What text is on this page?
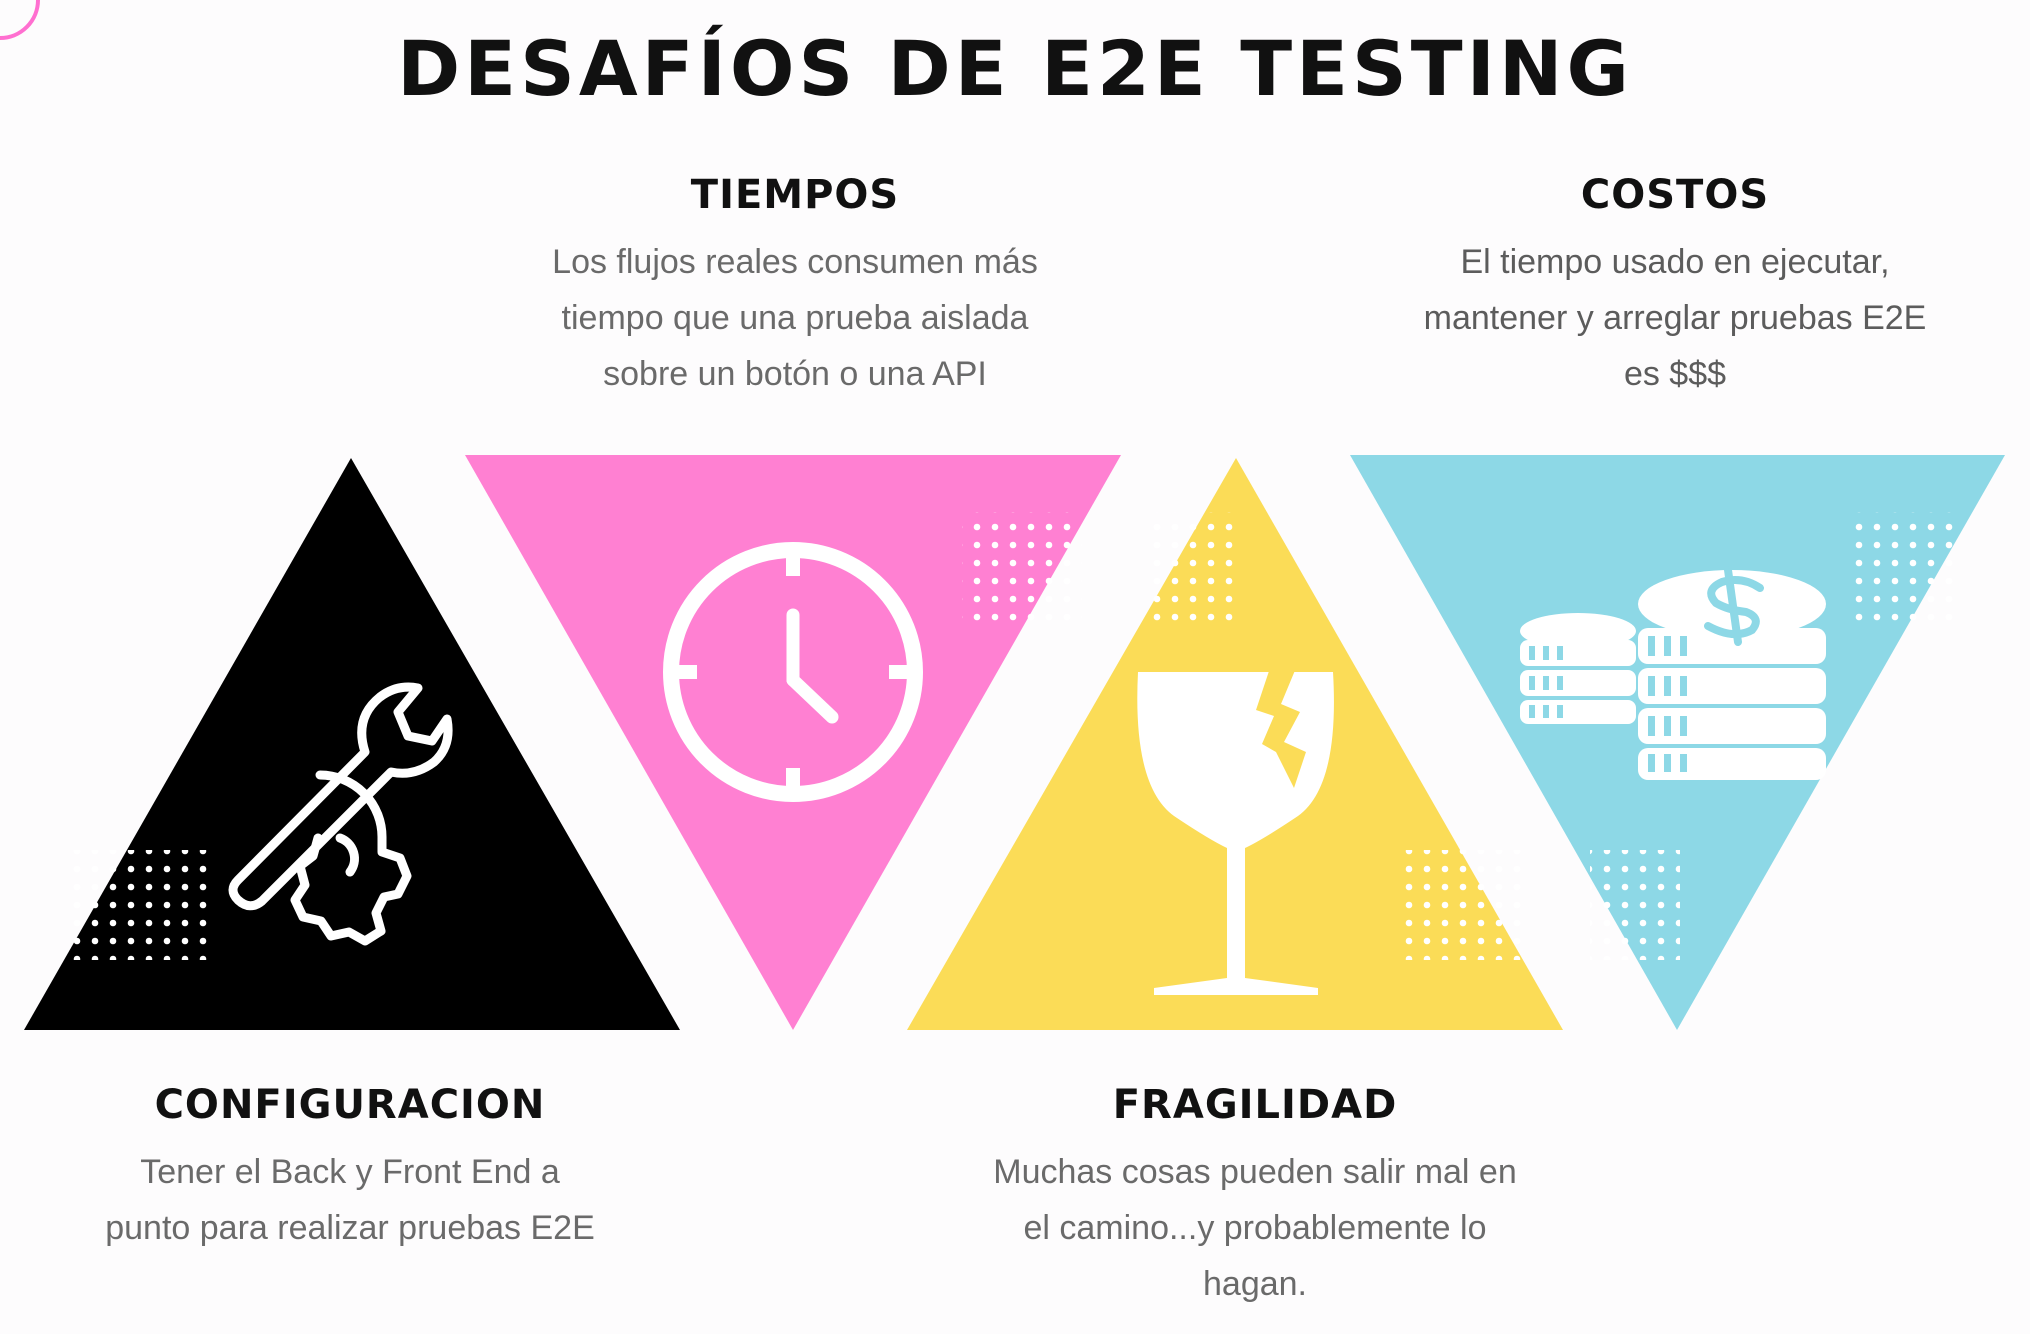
DESAFÍOS DE E2E TESTING
TIEMPOS

Los flujos reales consumen más
tiempo que una prueba aislada
sobre un botón o una API

COSTOS

El tiempo usado en ejecutar,
mantener y arreglar pruebas E2E
es $$$

CONFIGURACION

Tener el Back y Front End a
punto para realizar pruebas E2E

FRAGILIDAD

Muchas cosas pueden salir mal en
el camino...y probablemente lo
hagan.
